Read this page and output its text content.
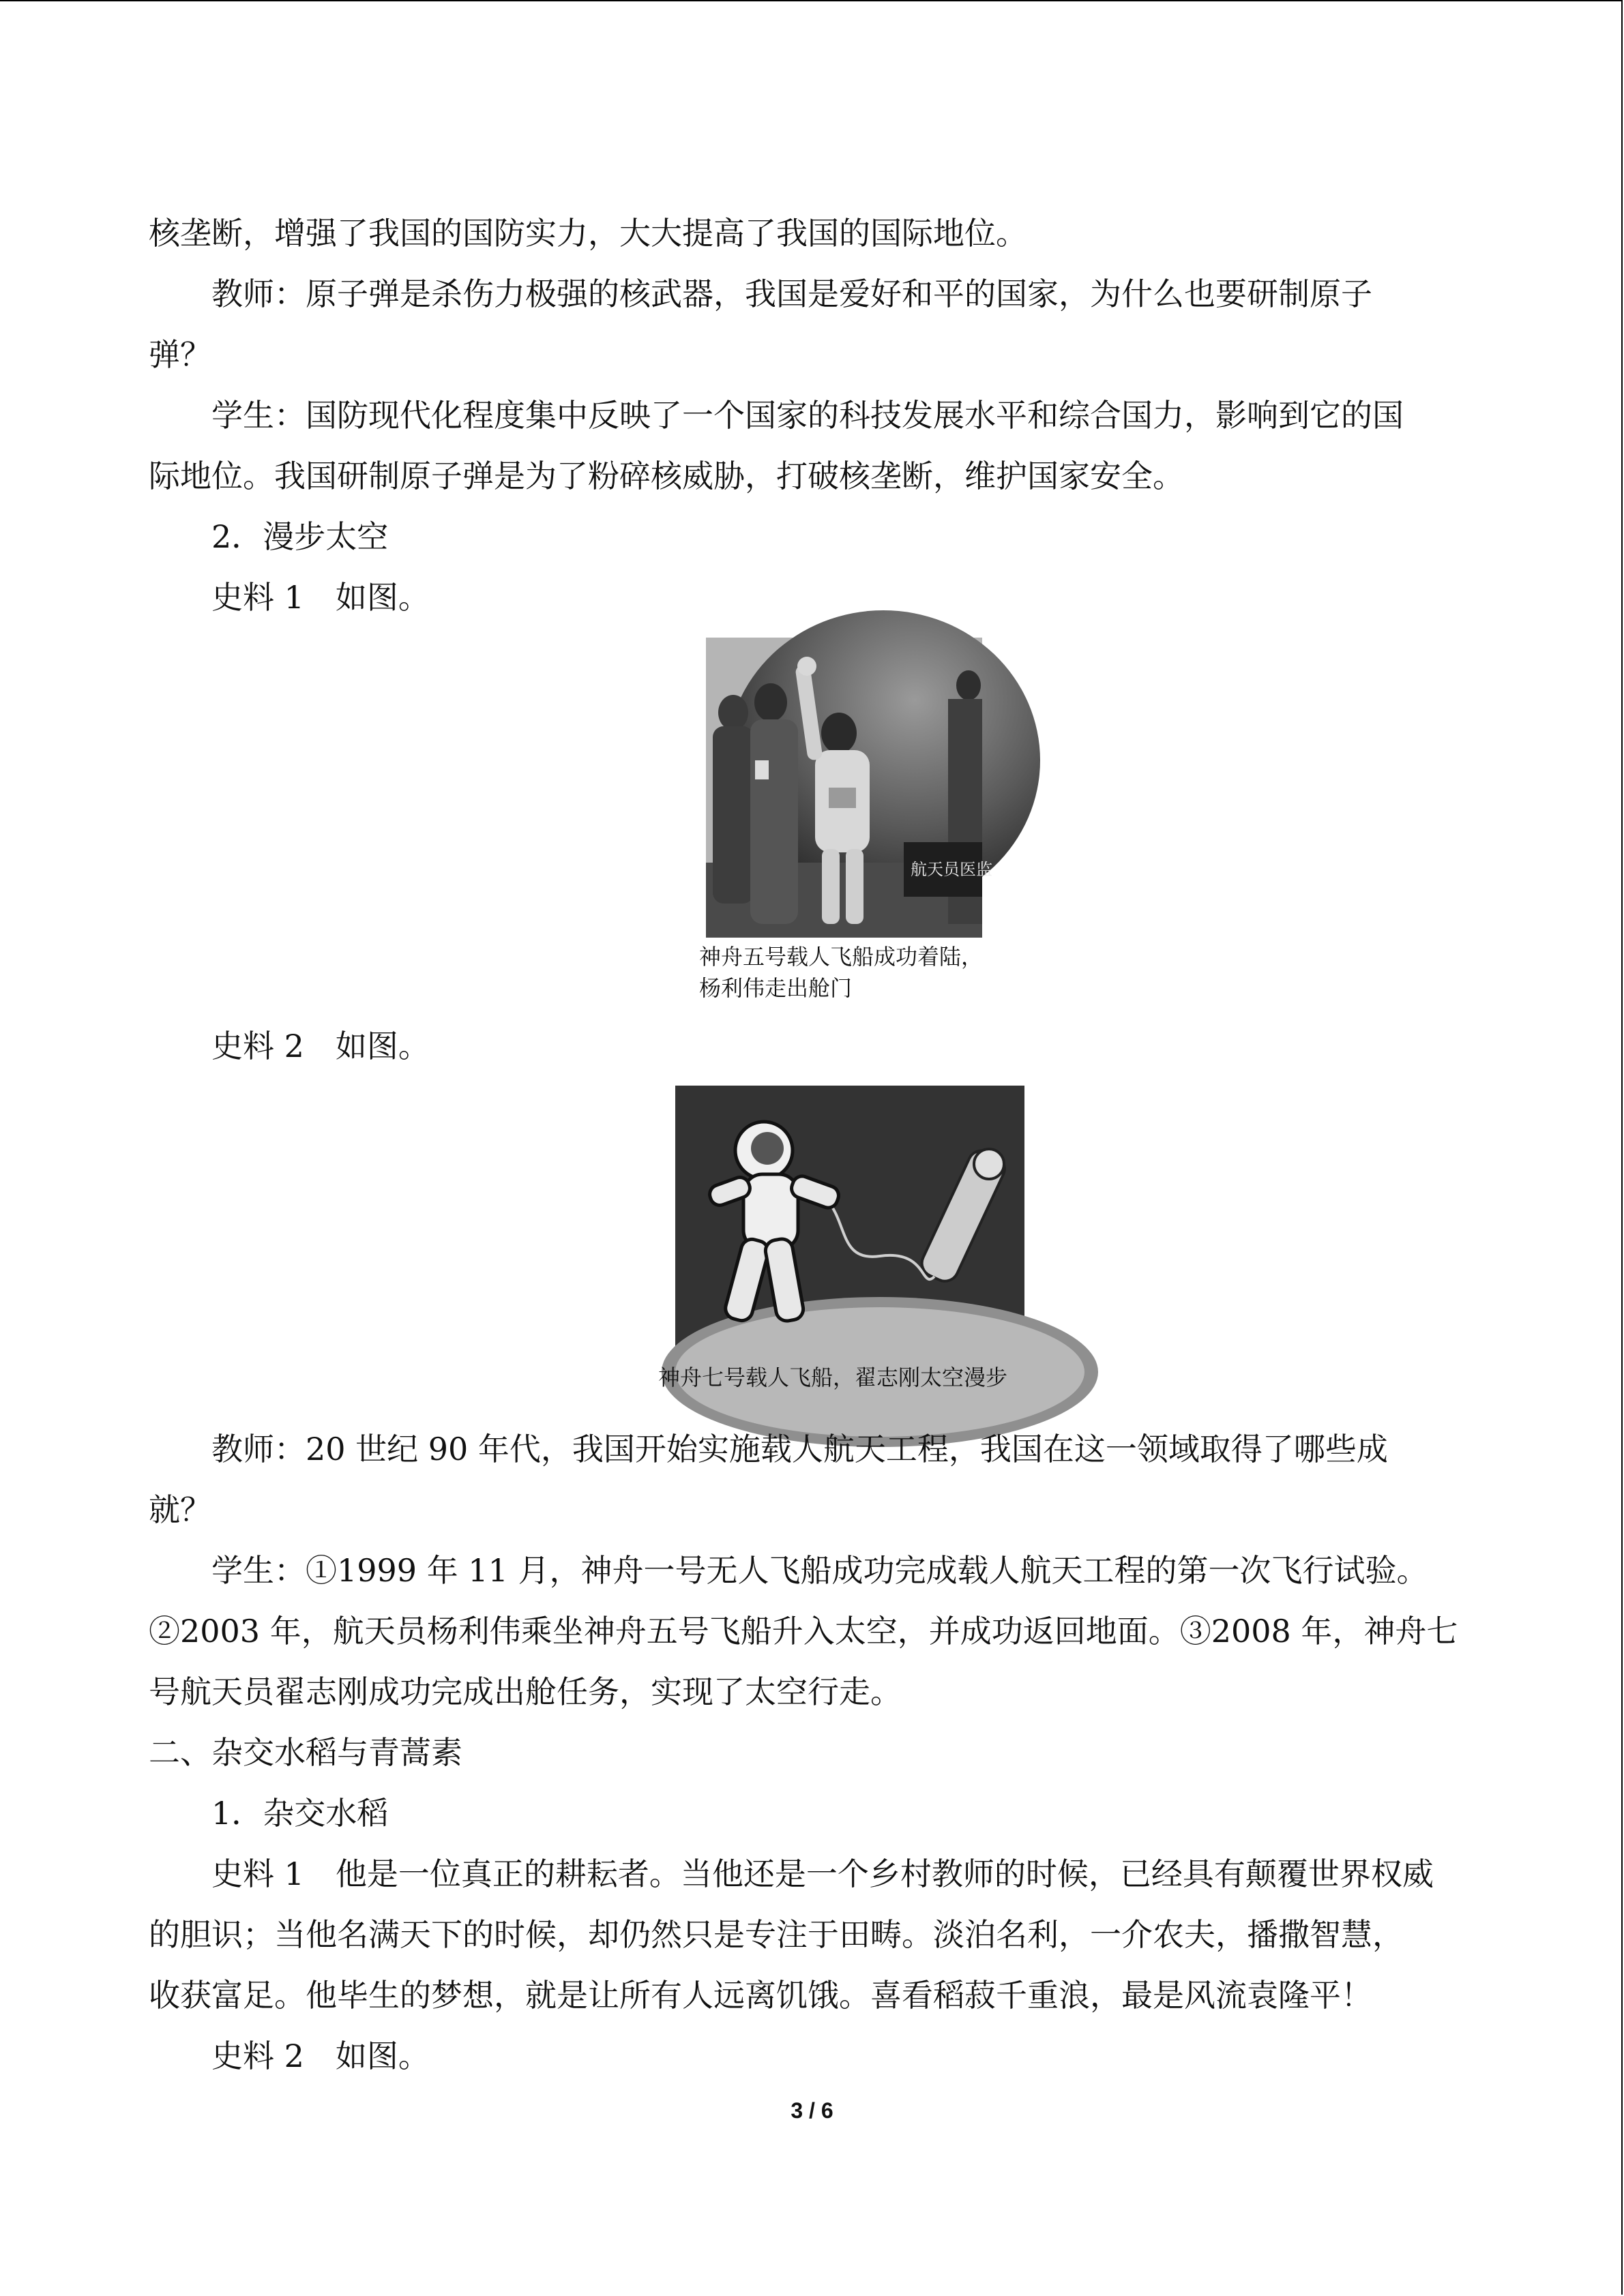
核垄断，增强了我国的国防实力，大大提高了我国的国际地位。

教师：原子弹是杀伤力极强的核武器，我国是爱好和平的国家，为什么也要研制原子

弹？

学生：国防现代化程度集中反映了一个国家的科技发展水平和综合国力，影响到它的国

际地位。我国研制原子弹是为了粉碎核威胁，打破核垄断，维护国家安全。

2．漫步太空

史料 1　如图。

航天员医监
神舟五号载人飞船成功着陆，
杨利伟走出舱门

史料 2　如图。

神舟七号载人飞船，翟志刚太空漫步

教师：20 世纪 90 年代，我国开始实施载人航天工程，我国在这一领域取得了哪些成

就？

学生：①1999 年 11 月，神舟一号无人飞船成功完成载人航天工程的第一次飞行试验。

②2003 年，航天员杨利伟乘坐神舟五号飞船升入太空，并成功返回地面。③2008 年，神舟七

号航天员翟志刚成功完成出舱任务，实现了太空行走。

二、杂交水稻与青蒿素

1．杂交水稻

史料 1　他是一位真正的耕耘者。当他还是一个乡村教师的时候，已经具有颠覆世界权威

的胆识；当他名满天下的时候，却仍然只是专注于田畴。淡泊名利，一介农夫，播撒智慧，

收获富足。他毕生的梦想，就是让所有人远离饥饿。喜看稻菽千重浪，最是风流袁隆平！

史料 2　如图。

3 / 6
